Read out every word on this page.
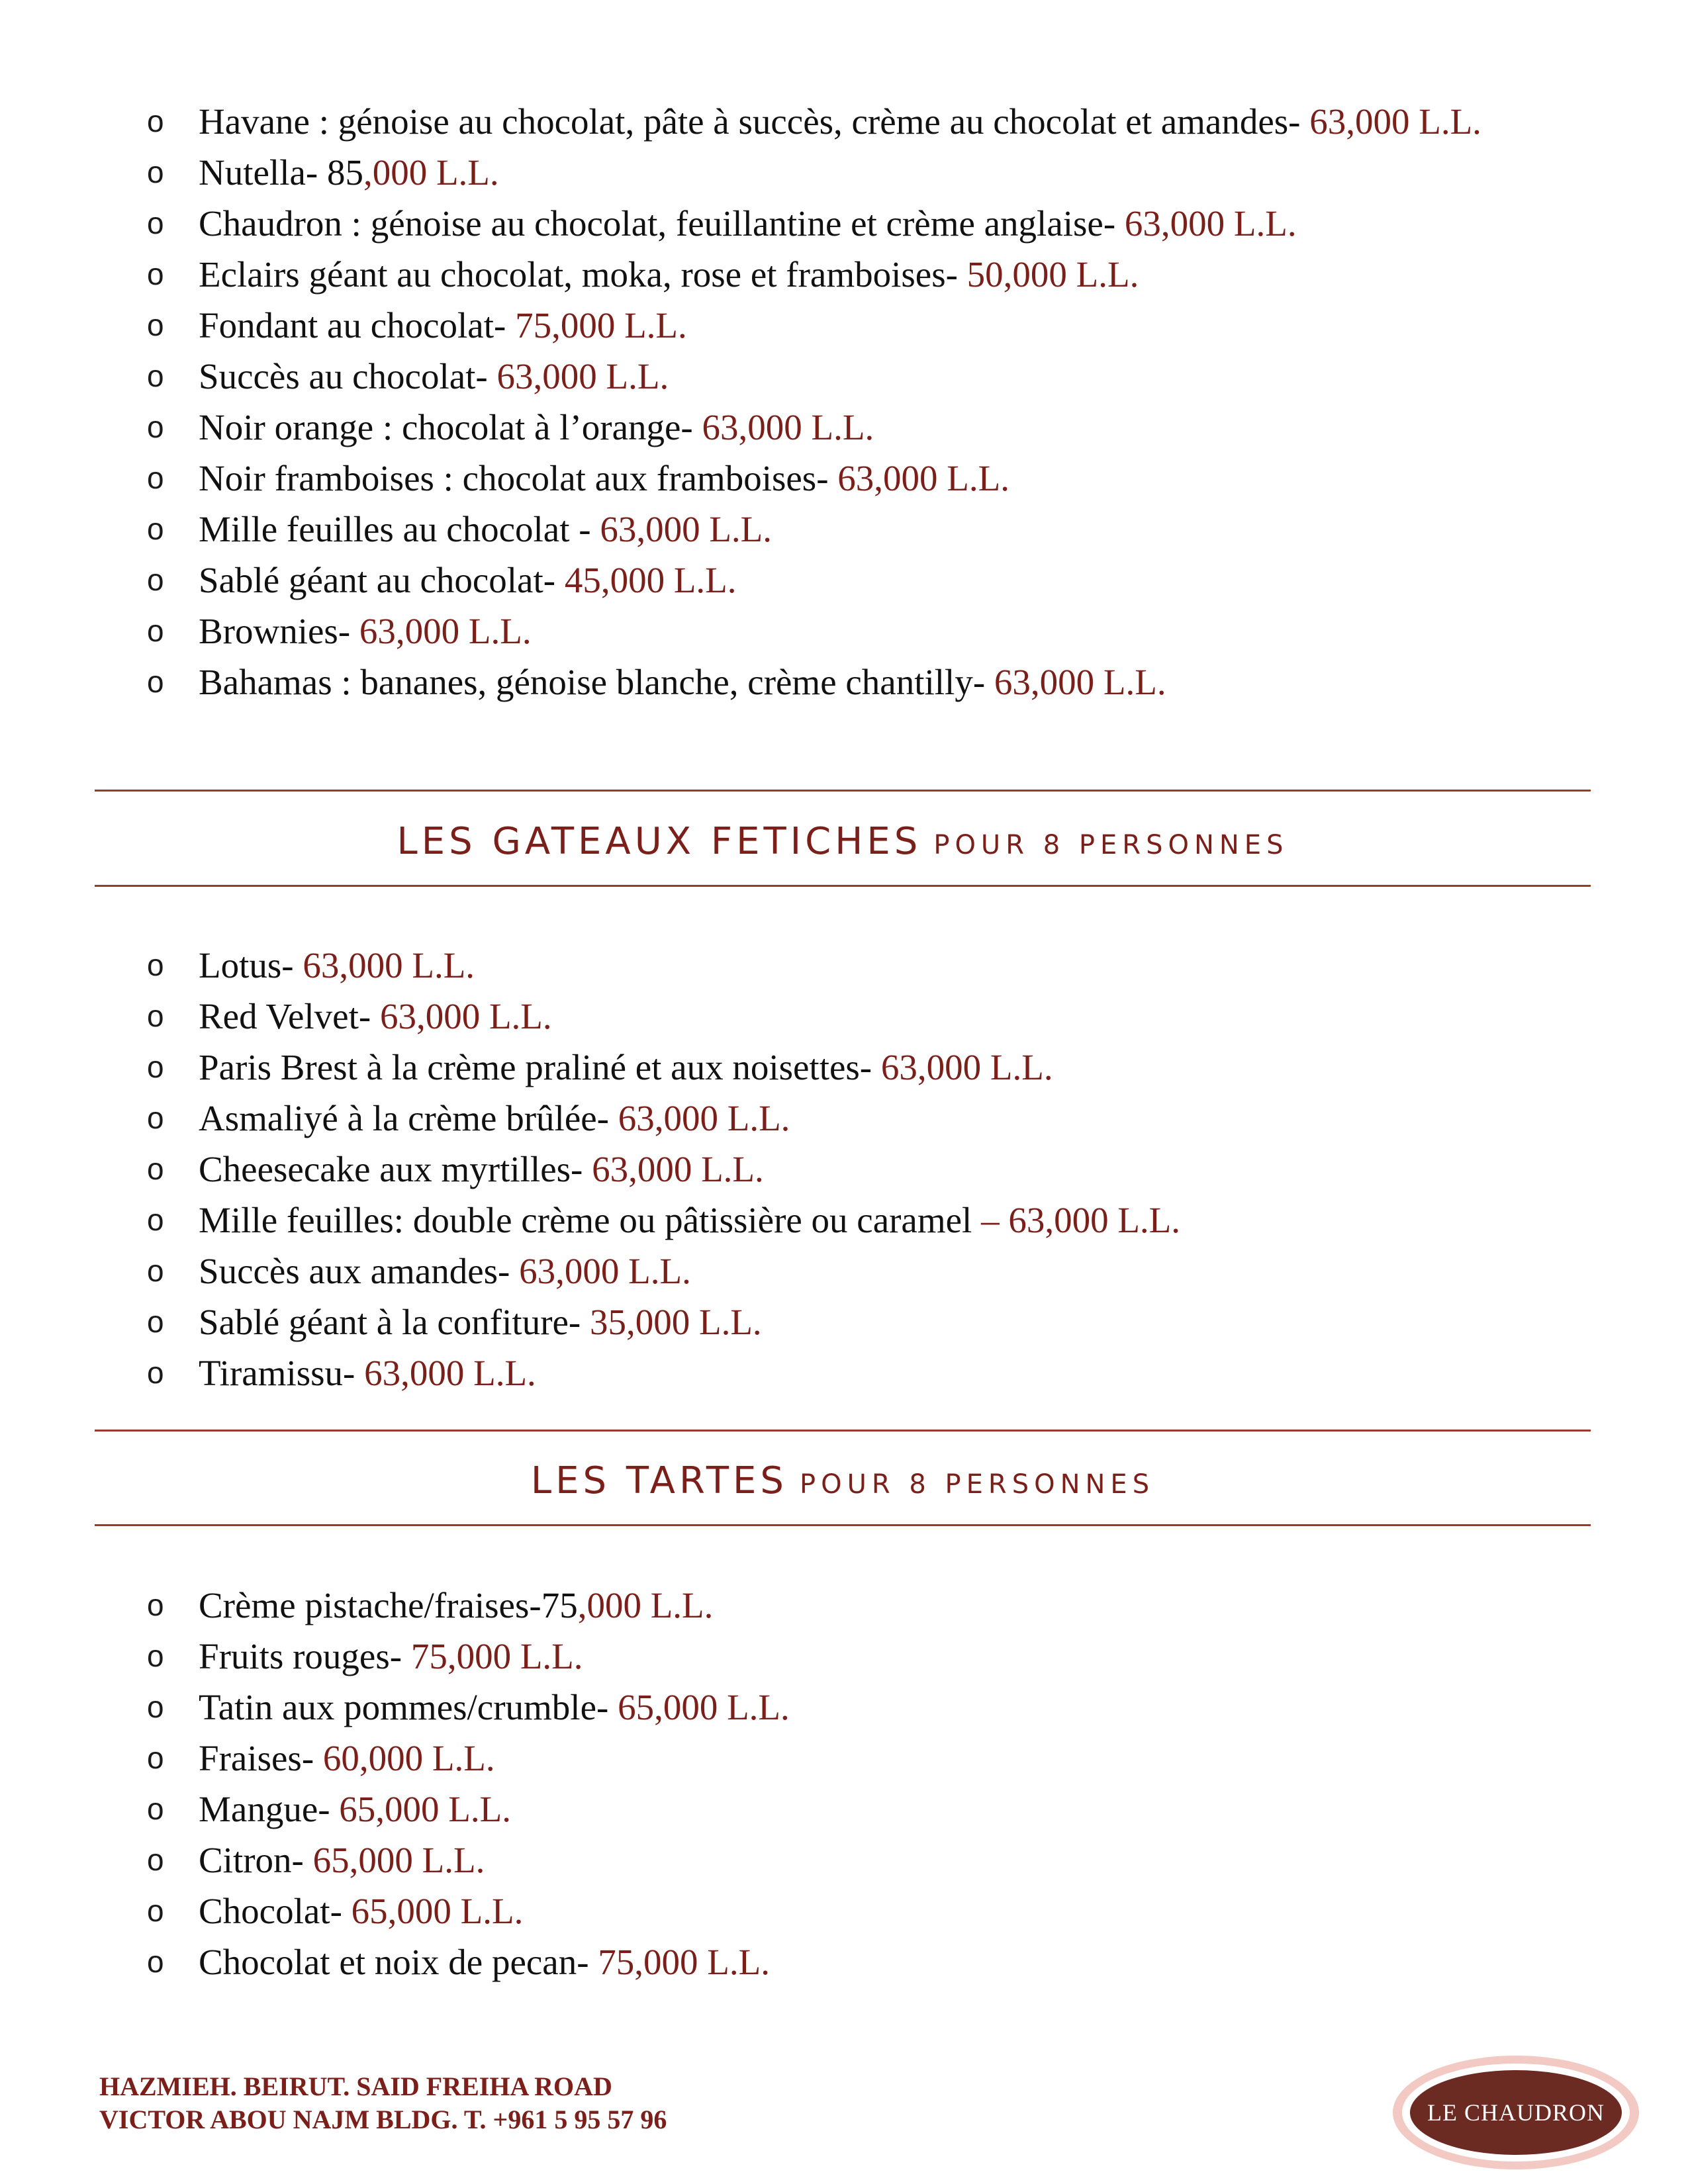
o Havane : génoise au chocolat, pâte à succès, crème au chocolat et amandes- 63,000 L.L.
o Nutella- 85,000 L.L.
o Chaudron : génoise au chocolat, feuillantine et crème anglaise- 63,000 L.L.
o Eclairs géant au chocolat, moka, rose et framboises- 50,000 L.L.
o Fondant au chocolat- 75,000 L.L.
o Succès au chocolat- 63,000 L.L.
o Noir orange : chocolat à l’orange- 63,000 L.L.
o Noir framboises : chocolat aux framboises- 63,000 L.L.
o Mille feuilles au chocolat - 63,000 L.L.
o Sablé géant au chocolat- 45,000 L.L.
o Brownies- 63,000 L.L.
o Bahamas : bananes, génoise blanche, crème chantilly- 63,000 L.L.
LES GATEAUX FETICHES POUR 8 PERSONNES
o Lotus- 63,000 L.L.
o Red Velvet- 63,000 L.L.
o Paris Brest à la crème praliné et aux noisettes- 63,000 L.L.
o Asmaliyé à la crème brûlée- 63,000 L.L.
o Cheesecake aux myrtilles- 63,000 L.L.
o Mille feuilles: double crème ou pâtissière ou caramel – 63,000 L.L.
o Succès aux amandes- 63,000 L.L.
o Sablé géant à la confiture- 35,000 L.L.
o Tiramissu- 63,000 L.L.
LES TARTES POUR 8 PERSONNES
o Crème pistache/fraises-75,000 L.L.
o Fruits rouges- 75,000 L.L.
o Tatin aux pommes/crumble- 65,000 L.L.
o Fraises- 60,000 L.L.
o Mangue- 65,000 L.L.
o Citron- 65,000 L.L.
o Chocolat- 65,000 L.L.
o Chocolat et noix de pecan- 75,000 L.L.
HAZMIEH. BEIRUT. SAID FREIHA ROAD
VICTOR ABOU NAJM BLDG. T. +961 5 95 57 96	LE CHAUDRON
